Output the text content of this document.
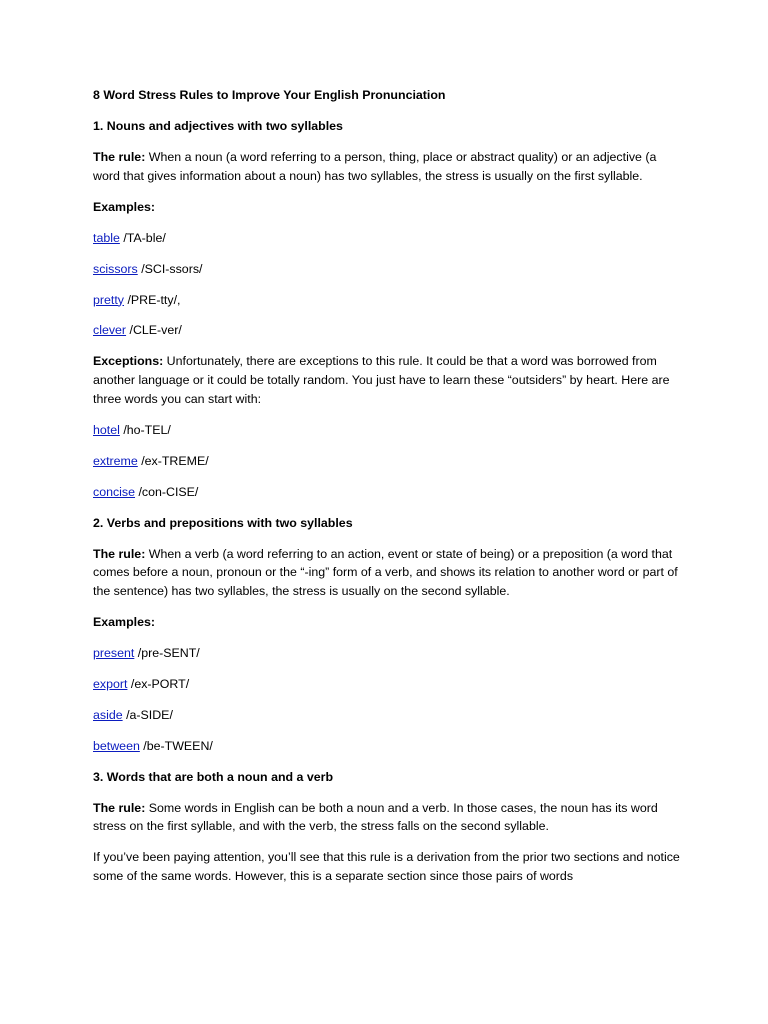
8 Word Stress Rules to Improve Your English Pronunciation

1. Nouns and adjectives with two syllables

The rule: When a noun (a word referring to a person, thing, place or abstract quality) or an adjective (a word that gives information about a noun) has two syllables, the stress is usually on the first syllable.

Examples:

table /TA-ble/

scissors /SCI-ssors/

pretty /PRE-tty/,

clever /CLE-ver/

Exceptions: Unfortunately, there are exceptions to this rule. It could be that a word was borrowed from another language or it could be totally random. You just have to learn these “outsiders” by heart. Here are three words you can start with:

hotel /ho-TEL/

extreme /ex-TREME/

concise /con-CISE/

2. Verbs and prepositions with two syllables

The rule: When a verb (a word referring to an action, event or state of being) or a preposition (a word that comes before a noun, pronoun or the “-ing” form of a verb, and shows its relation to another word or part of the sentence) has two syllables, the stress is usually on the second syllable.

Examples:

present /pre-SENT/

export /ex-PORT/

aside /a-SIDE/

between /be-TWEEN/

3. Words that are both a noun and a verb

The rule: Some words in English can be both a noun and a verb. In those cases, the noun has its word stress on the first syllable, and with the verb, the stress falls on the second syllable.

If you’ve been paying attention, you’ll see that this rule is a derivation from the prior two sections and notice some of the same words. However, this is a separate section since those pairs of words
